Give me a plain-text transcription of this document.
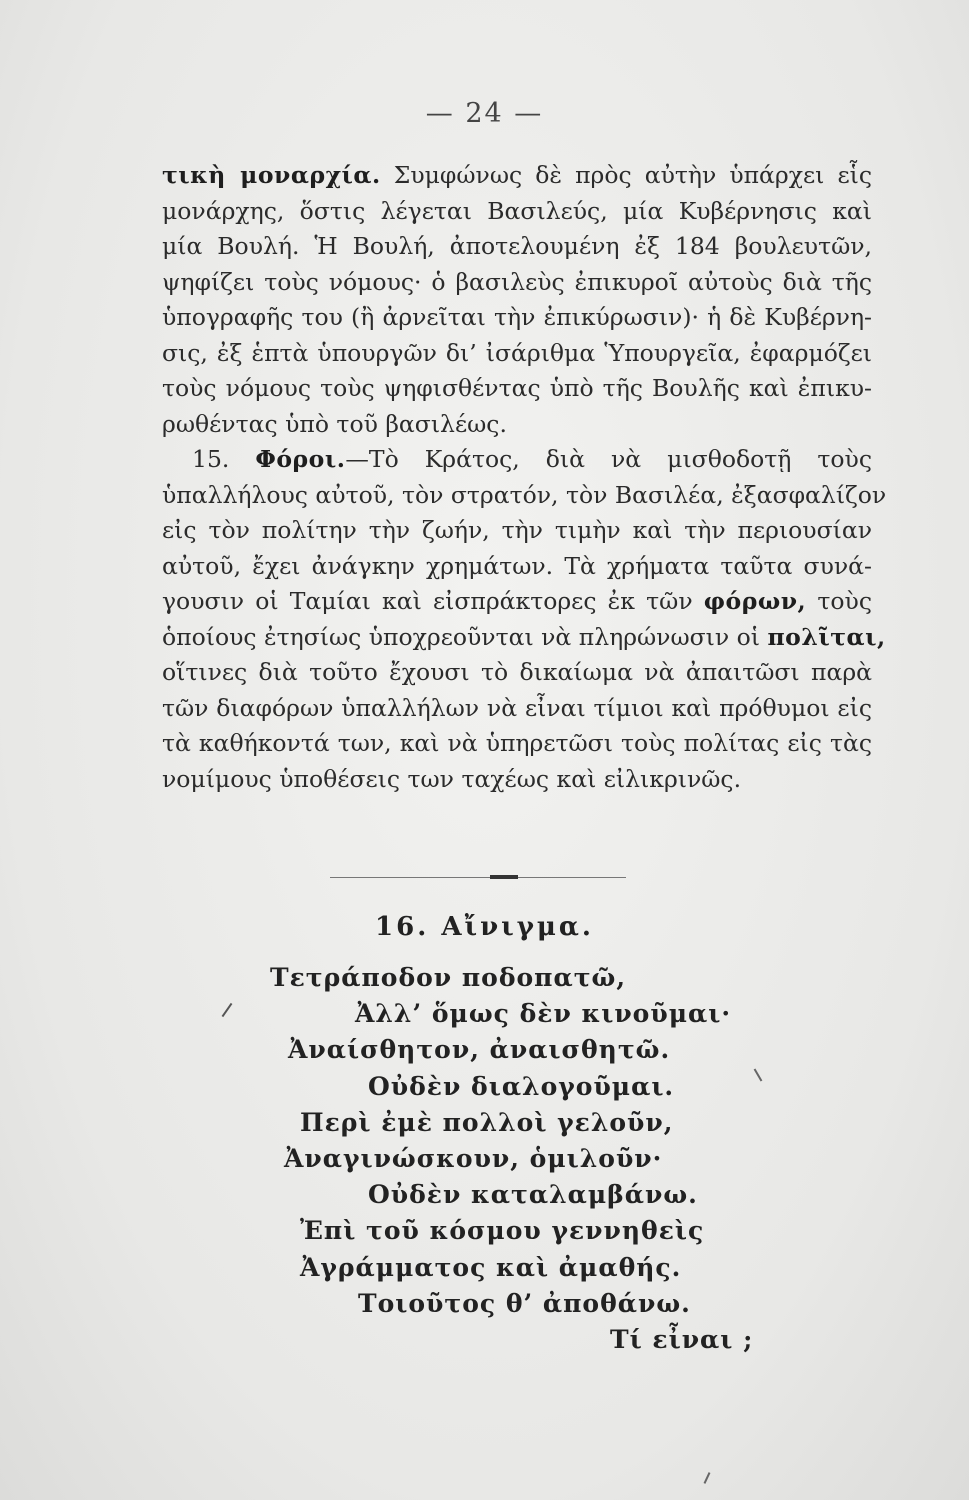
— 24 —
τικὴ μοναρχία. Συμφώνως δὲ πρὸς αὐτὴν ὑπάρχει εἷς
μονάρχης, ὅστις λέγεται Βασιλεύς, μία Κυβέρνησις καὶ
μία Βουλή. Ἡ Βουλή, ἀποτελουμένη ἐξ 184 βουλευτῶν,
ψηφίζει τοὺς νόμους· ὁ βασιλεὺς ἐπικυροῖ αὐτοὺς διὰ τῆς
ὑπογραφῆς του (ἢ ἀρνεῖται τὴν ἐπικύρωσιν)· ἡ δὲ Κυβέρνη-
σις, ἐξ ἑπτὰ ὑπουργῶν δι’ ἰσάριθμα Ὑπουργεῖα, ἐφαρμόζει
τοὺς νόμους τοὺς ψηφισθέντας ὑπὸ τῆς Βουλῆς καὶ ἐπικυ-
ρωθέντας ὑπὸ τοῦ βασιλέως.
15. Φόροι.—Τὸ Κράτος, διὰ νὰ μισθοδοτῇ τοὺς
ὑπαλλήλους αὐτοῦ, τὸν στρατόν, τὸν Βασιλέα, ἐξασφαλίζον
εἰς τὸν πολίτην τὴν ζωήν, τὴν τιμὴν καὶ τὴν περιουσίαν
αὐτοῦ, ἔχει ἀνάγκην χρημάτων. Τὰ χρήματα ταῦτα συνά-
γουσιν οἱ Ταμίαι καὶ εἰσπράκτορες ἐκ τῶν φόρων, τοὺς
ὁποίους ἐτησίως ὑποχρεοῦνται νὰ πληρώνωσιν οἱ πολῖται,
οἵτινες διὰ τοῦτο ἔχουσι τὸ δικαίωμα νὰ ἀπαιτῶσι παρὰ
τῶν διαφόρων ὑπαλλήλων νὰ εἶναι τίμιοι καὶ πρόθυμοι εἰς
τὰ καθήκοντά των, καὶ νὰ ὑπηρετῶσι τοὺς πολίτας εἰς τὰς
νομίμους ὑποθέσεις των ταχέως καὶ εἰλικρινῶς.
16. Αἴνιγμα.
Τετράποδον ποδοπατῶ,
Ἀλλ’ ὅμως δὲν κινοῦμαι·
Ἀναίσθητον, ἀναισθητῶ.
Οὐδὲν διαλογοῦμαι.
Περὶ ἐμὲ πολλοὶ γελοῦν,
Ἀναγινώσκουν, ὁμιλοῦν·
Οὐδὲν καταλαμβάνω.
Ἐπὶ τοῦ κόσμου γεννηθεὶς
Ἀγράμματος καὶ ἀμαθής.
Τοιοῦτος θ’ ἀποθάνω.
Τί εἶναι ;
